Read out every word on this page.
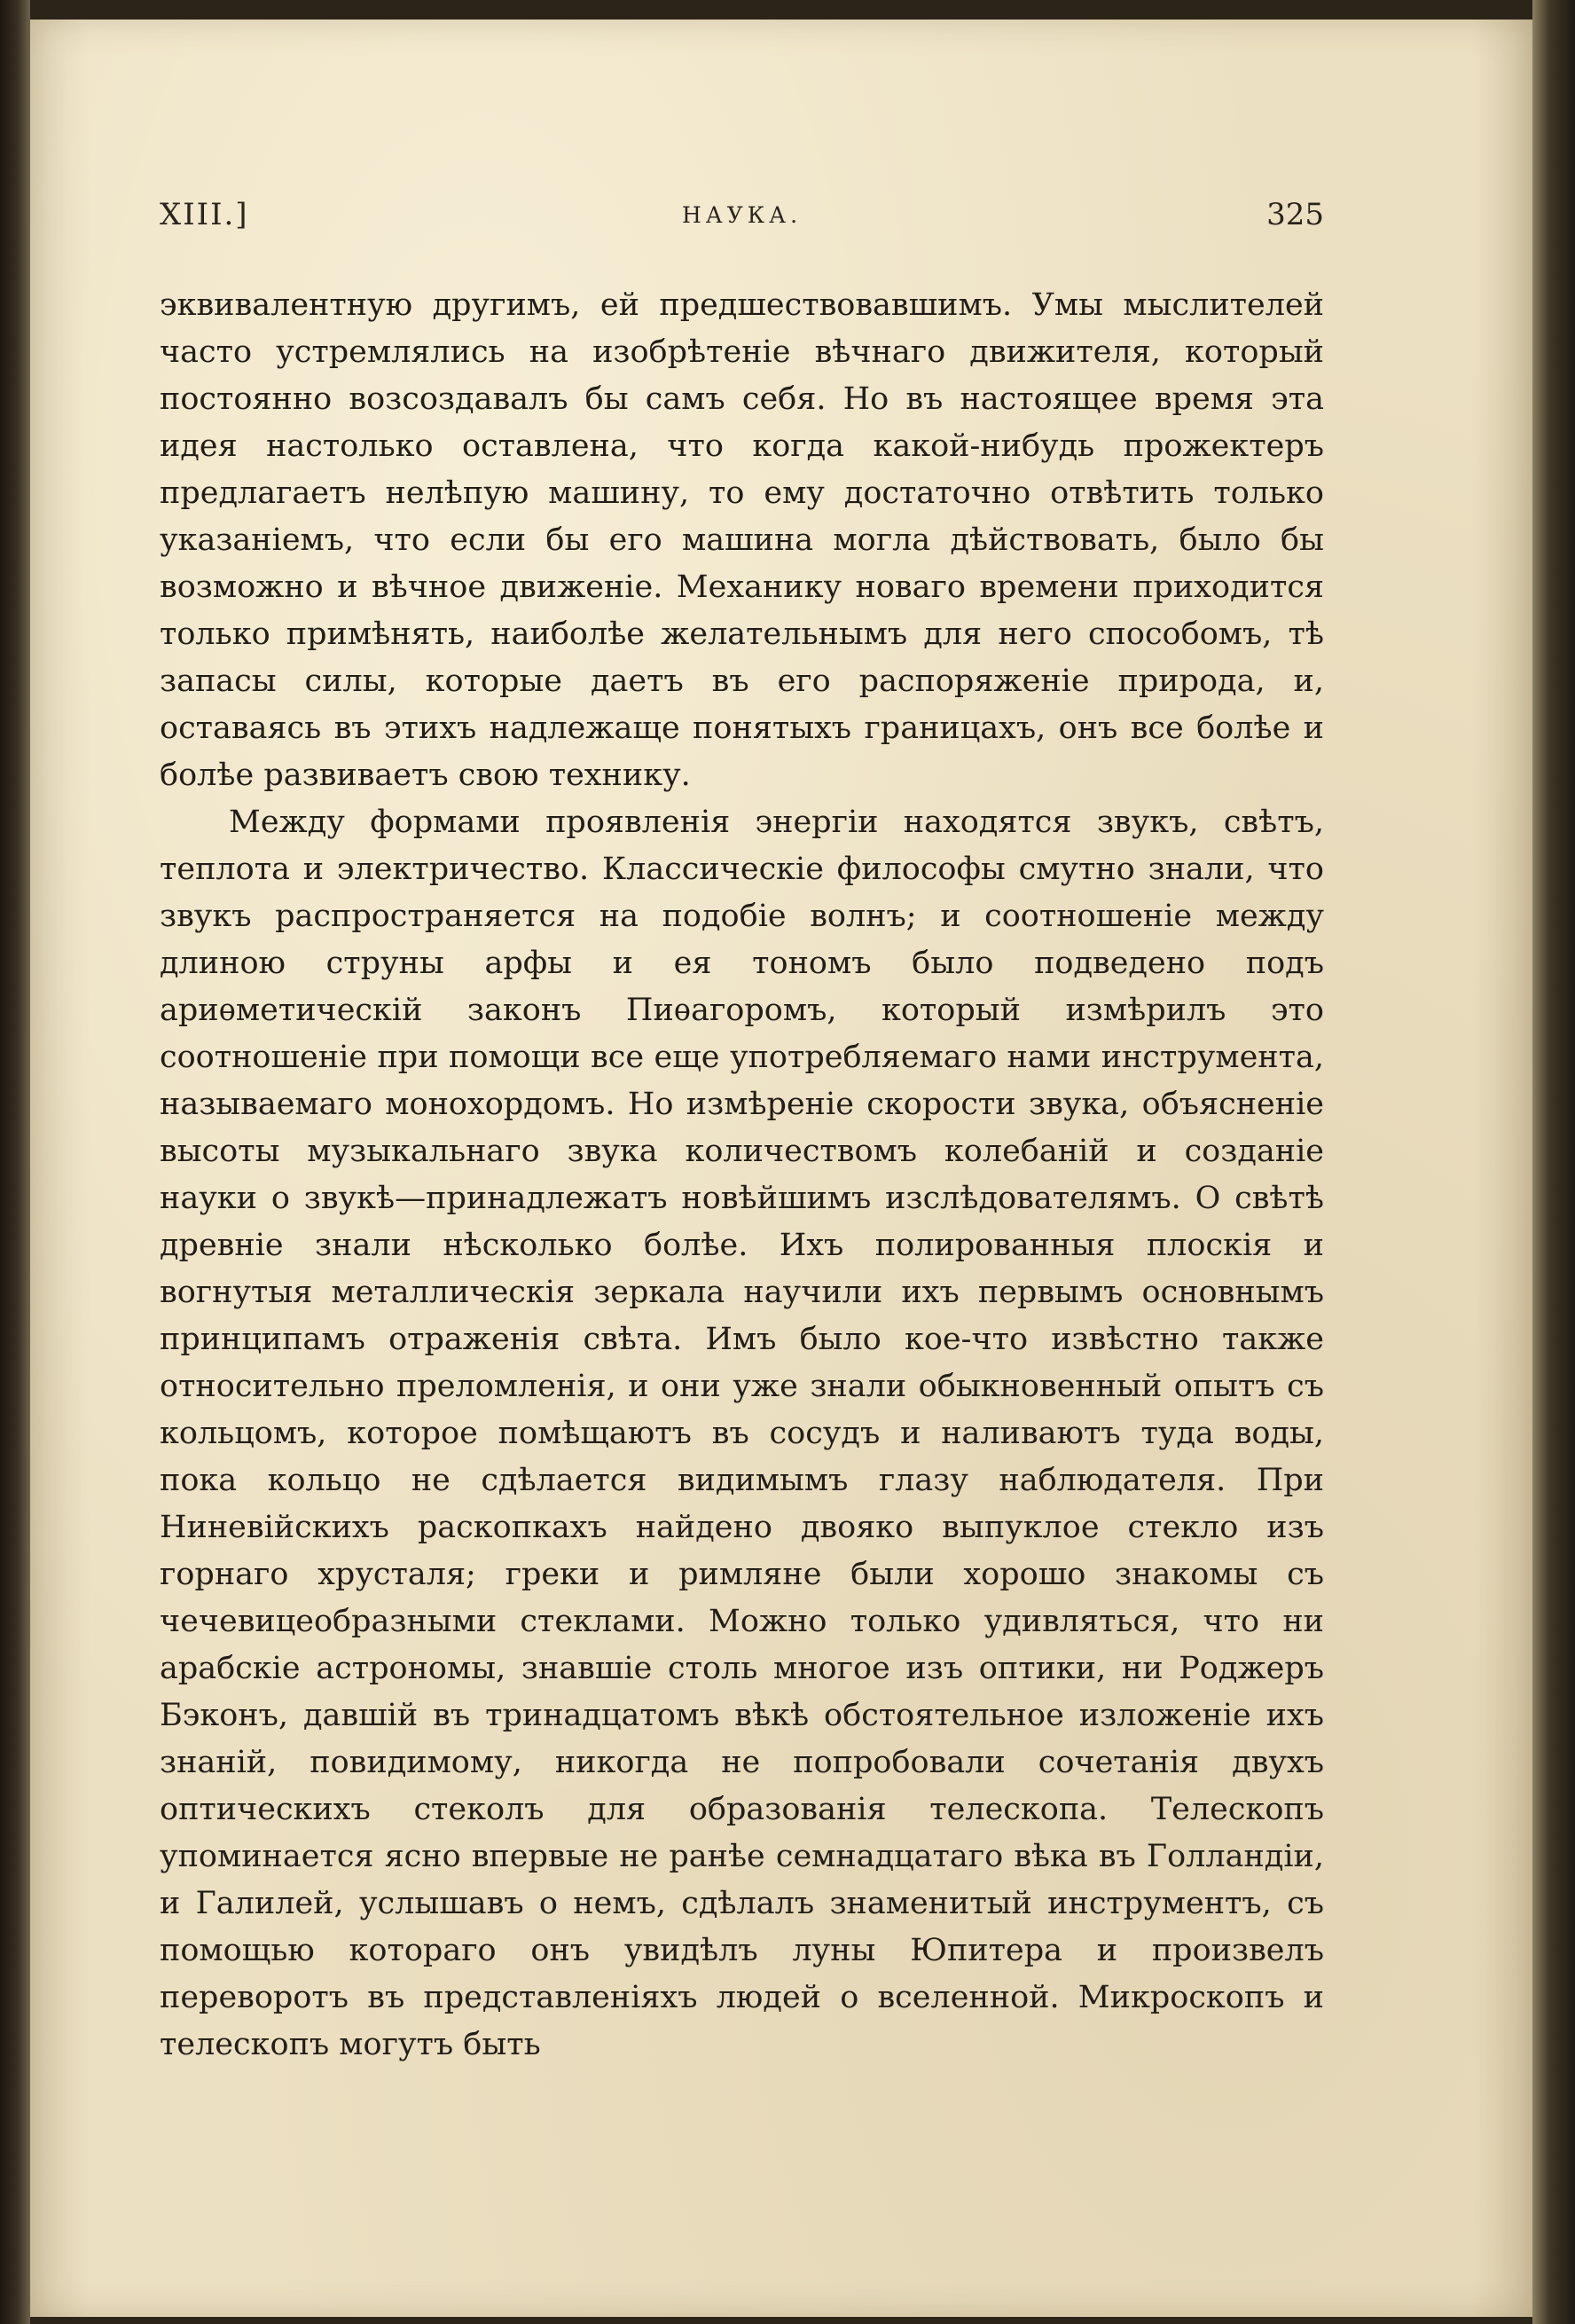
XIII.]	НАУКА.	325

эквивалентную другимъ, ей предшествовавшимъ. Умы мыслителей часто устремлялись на изобрѣтеніе вѣчнаго движителя, который постоянно возсоздавалъ бы самъ себя. Но въ настоящее время эта идея настолько оставлена, что когда какой-нибудь прожектеръ предлагаетъ нелѣпую машину, то ему достаточно отвѣтить только указаніемъ, что если бы его машина могла дѣйствовать, было бы возможно и вѣчное движеніе. Механику новаго времени приходится только примѣнять, наиболѣе желательнымъ для него способомъ, тѣ запасы силы, которые даетъ въ его распоряженіе природа, и, оставаясь въ этихъ надлежаще понятыхъ границахъ, онъ все болѣе и болѣе развиваетъ свою технику.

Между формами проявленія энергіи находятся звукъ, свѣтъ, теплота и электричество. Классическіе философы смутно знали, что звукъ распространяется на подобіе волнъ; и соотношеніе между длиною струны арфы и ея тономъ было подведено подъ ариѳметическій законъ Пиѳагоромъ, который измѣрилъ это соотношеніе при помощи все еще употребляемаго нами инструмента, называемаго монохордомъ. Но измѣреніе скорости звука, объясненіе высоты музыкальнаго звука количествомъ колебаній и созданіе науки о звукѣ—принадлежатъ новѣйшимъ изслѣдователямъ. О свѣтѣ древніе знали нѣсколько болѣе. Ихъ полированныя плоскія и вогнутыя металлическія зеркала научили ихъ первымъ основнымъ принципамъ отраженія свѣта. Имъ было кое-что извѣстно также относительно преломленія, и они уже знали обыкновенный опытъ съ кольцомъ, которое помѣщаютъ въ сосудъ и наливаютъ туда воды, пока кольцо не сдѣлается видимымъ глазу наблюдателя. При Ниневійскихъ раскопкахъ найдено двояко выпуклое стекло изъ горнаго хрусталя; греки и римляне были хорошо знакомы съ чечевицеобразными стеклами. Можно только удивляться, что ни арабскіе астрономы, знавшіе столь многое изъ оптики, ни Роджеръ Бэконъ, давшій въ тринадцатомъ вѣкѣ обстоятельное изложеніе ихъ знаній, повидимому, никогда не попробовали сочетанія двухъ оптическихъ стеколъ для образованія телескопа. Телескопъ упоминается ясно впервые не ранѣе семнадцатаго вѣка въ Голландіи, и Галилей, услышавъ о немъ, сдѣлалъ знаменитый инструментъ, съ помощью котораго онъ увидѣлъ луны Юпитера и произвелъ переворотъ въ представленіяхъ людей о вселенной. Микроскопъ и телескопъ могутъ быть
